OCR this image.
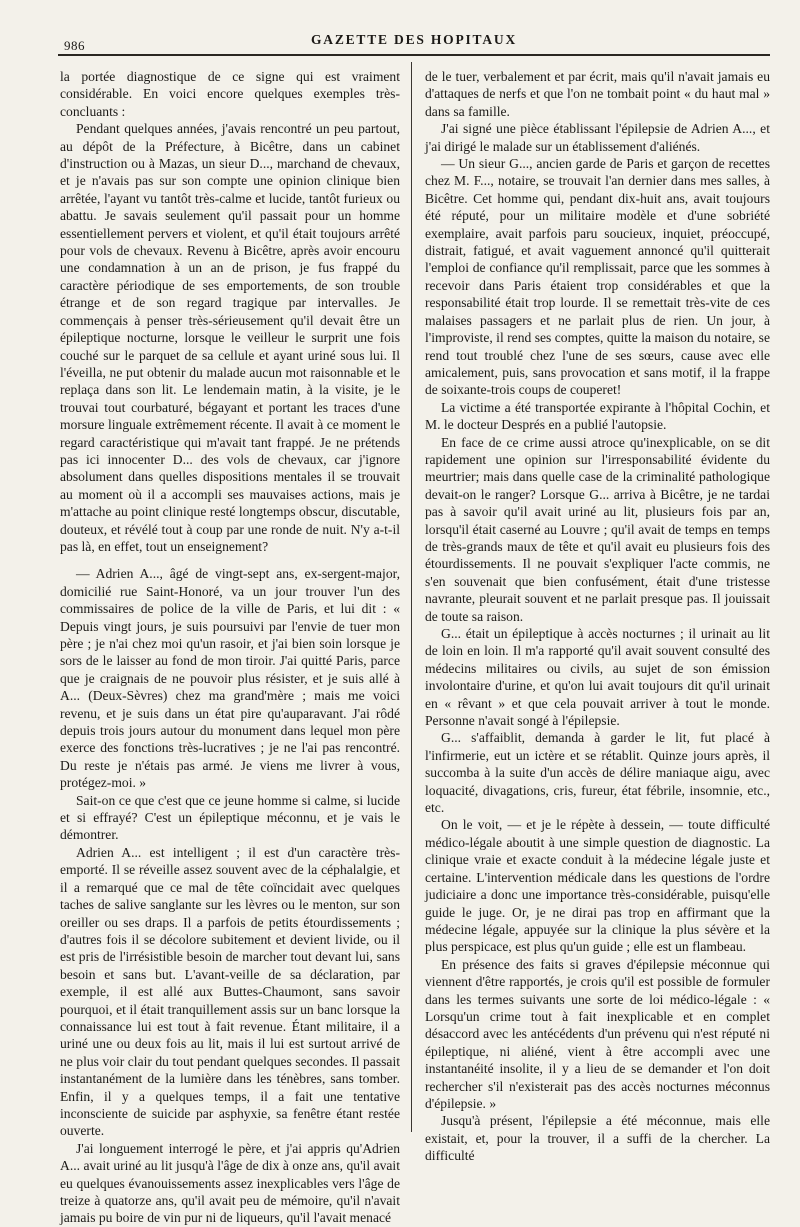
986	GAZETTE DES HOPITAUX

la portée diagnostique de ce signe qui est vraiment considérable. En voici encore quelques exemples très-concluants :

Pendant quelques années, j'avais rencontré un peu partout, au dépôt de la Préfecture, à Bicêtre, dans un cabinet d'instruction ou à Mazas, un sieur D..., marchand de chevaux, et je n'avais pas sur son compte une opinion clinique bien arrêtée, l'ayant vu tantôt très-calme et lucide, tantôt furieux ou abattu. Je savais seulement qu'il passait pour un homme essentiellement pervers et violent, et qu'il était toujours arrêté pour vols de chevaux. Revenu à Bicêtre, après avoir encouru une condamnation à un an de prison, je fus frappé du caractère périodique de ses emportements, de son trouble étrange et de son regard tragique par intervalles. Je commençais à penser très-sérieusement qu'il devait être un épileptique nocturne, lorsque le veilleur le surprit une fois couché sur le parquet de sa cellule et ayant uriné sous lui. Il l'éveilla, ne put obtenir du malade aucun mot raisonnable et le replaça dans son lit. Le lendemain matin, à la visite, je le trouvai tout courbaturé, bégayant et portant les traces d'une morsure linguale extrêmement récente. Il avait à ce moment le regard caractéristique qui m'avait tant frappé. Je ne prétends pas ici innocenter D... des vols de chevaux, car j'ignore absolument dans quelles dispositions mentales il se trouvait au moment où il a accompli ses mauvaises actions, mais je m'attache au point clinique resté longtemps obscur, discutable, douteux, et révélé tout à coup par une ronde de nuit. N'y a-t-il pas là, en effet, tout un enseignement?

— Adrien A..., âgé de vingt-sept ans, ex-sergent-major, domicilié rue Saint-Honoré, va un jour trouver l'un des commissaires de police de la ville de Paris, et lui dit : « Depuis vingt jours, je suis poursuivi par l'envie de tuer mon père ; je n'ai chez moi qu'un rasoir, et j'ai bien soin lorsque je sors de le laisser au fond de mon tiroir. J'ai quitté Paris, parce que je craignais de ne pouvoir plus résister, et je suis allé à A... (Deux-Sèvres) chez ma grand'mère ; mais me voici revenu, et je suis dans un état pire qu'auparavant. J'ai rôdé depuis trois jours autour du monument dans lequel mon père exerce des fonctions très-lucratives ; je ne l'ai pas rencontré. Du reste je n'étais pas armé. Je viens me livrer à vous, protégez-moi. »

Sait-on ce que c'est que ce jeune homme si calme, si lucide et si effrayé? C'est un épileptique méconnu, et je vais le démontrer.

Adrien A... est intelligent ; il est d'un caractère très-emporté. Il se réveille assez souvent avec de la céphalalgie, et il a remarqué que ce mal de tête coïncidait avec quelques taches de salive sanglante sur les lèvres ou le menton, sur son oreiller ou ses draps. Il a parfois de petits étourdissements ; d'autres fois il se décolore subitement et devient livide, ou il est pris de l'irrésistible besoin de marcher tout devant lui, sans besoin et sans but. L'avant-veille de sa déclaration, par exemple, il est allé aux Buttes-Chaumont, sans savoir pourquoi, et il était tranquillement assis sur un banc lorsque la connaissance lui est tout à fait revenue. Étant militaire, il a uriné une ou deux fois au lit, mais il lui est surtout arrivé de ne plus voir clair du tout pendant quelques secondes. Il passait instantanément de la lumière dans les ténèbres, sans tomber. Enfin, il y a quelques temps, il a fait une tentative inconsciente de suicide par asphyxie, sa fenêtre étant restée ouverte.

J'ai longuement interrogé le père, et j'ai appris qu'Adrien A... avait uriné au lit jusqu'à l'âge de dix à onze ans, qu'il avait eu quelques évanouissements assez inexplicables vers l'âge de treize à quatorze ans, qu'il avait peu de mémoire, qu'il n'avait jamais pu boire de vin pur ni de liqueurs, qu'il l'avait menacé

de le tuer, verbalement et par écrit, mais qu'il n'avait jamais eu d'attaques de nerfs et que l'on ne tombait point « du haut mal » dans sa famille.

J'ai signé une pièce établissant l'épilepsie de Adrien A..., et j'ai dirigé le malade sur un établissement d'aliénés.

— Un sieur G..., ancien garde de Paris et garçon de recettes chez M. F..., notaire, se trouvait l'an dernier dans mes salles, à Bicêtre. Cet homme qui, pendant dix-huit ans, avait toujours été réputé, pour un militaire modèle et d'une sobriété exemplaire, avait parfois paru soucieux, inquiet, préoccupé, distrait, fatigué, et avait vaguement annoncé qu'il quitterait l'emploi de confiance qu'il remplissait, parce que les sommes à recevoir dans Paris étaient trop considérables et que la responsabilité était trop lourde. Il se remettait très-vite de ces malaises passagers et ne parlait plus de rien. Un jour, à l'improviste, il rend ses comptes, quitte la maison du notaire, se rend tout troublé chez l'une de ses sœurs, cause avec elle amicalement, puis, sans provocation et sans motif, il la frappe de soixante-trois coups de couperet!

La victime a été transportée expirante à l'hôpital Cochin, et M. le docteur Després en a publié l'autopsie.

En face de ce crime aussi atroce qu'inexplicable, on se dit rapidement une opinion sur l'irresponsabilité évidente du meurtrier; mais dans quelle case de la criminalité pathologique devait-on le ranger? Lorsque G... arriva à Bicêtre, je ne tardai pas à savoir qu'il avait uriné au lit, plusieurs fois par an, lorsqu'il était caserné au Louvre ; qu'il avait de temps en temps de très-grands maux de tête et qu'il avait eu plusieurs fois des étourdissements. Il ne pouvait s'expliquer l'acte commis, ne s'en souvenait que bien confusément, était d'une tristesse navrante, pleurait souvent et ne parlait presque pas. Il jouissait de toute sa raison.

G... était un épileptique à accès nocturnes ; il urinait au lit de loin en loin. Il m'a rapporté qu'il avait souvent consulté des médecins militaires ou civils, au sujet de son émission involontaire d'urine, et qu'on lui avait toujours dit qu'il urinait en « rêvant » et que cela pouvait arriver à tout le monde. Personne n'avait songé à l'épilepsie.

G... s'affaiblit, demanda à garder le lit, fut placé à l'infirmerie, eut un ictère et se rétablit. Quinze jours après, il succomba à la suite d'un accès de délire maniaque aigu, avec loquacité, divagations, cris, fureur, état fébrile, insomnie, etc., etc.

On le voit, — et je le répète à dessein, — toute difficulté médico-légale aboutit à une simple question de diagnostic. La clinique vraie et exacte conduit à la médecine légale juste et certaine. L'intervention médicale dans les questions de l'ordre judiciaire a donc une importance très-considérable, puisqu'elle guide le juge. Or, je ne dirai pas trop en affirmant que la médecine légale, appuyée sur la clinique la plus sévère et la plus perspicace, est plus qu'un guide ; elle est un flambeau.

En présence des faits si graves d'épilepsie méconnue qui viennent d'être rapportés, je crois qu'il est possible de formuler dans les termes suivants une sorte de loi médico-légale : « Lorsqu'un crime tout à fait inexplicable et en complet désaccord avec les antécédents d'un prévenu qui n'est réputé ni épileptique, ni aliéné, vient à être accompli avec une instantanéité insolite, il y a lieu de se demander et l'on doit rechercher s'il n'existerait pas des accès nocturnes méconnus d'épilepsie. »

Jusqu'à présent, l'épilepsie a été méconnue, mais elle existait, et, pour la trouver, il a suffi de la chercher. La difficulté
